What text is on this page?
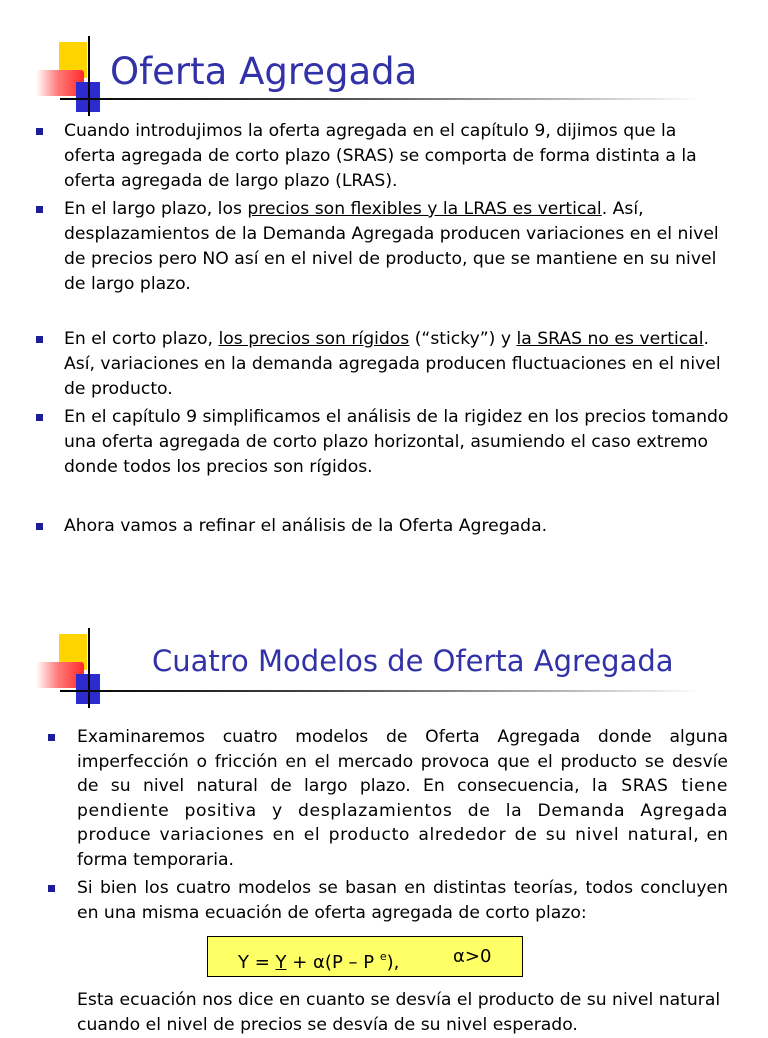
Oferta Agregada
Cuando introdujimos la oferta agregada en el capítulo 9, dijimos que la oferta agregada de corto plazo (SRAS) se comporta de forma distinta a la oferta agregada de largo plazo (LRAS).
En el largo plazo, los precios son flexibles y la LRAS es vertical. Así, desplazamientos de la Demanda Agregada producen variaciones en el nivel de precios pero NO así en el nivel de producto, que se mantiene en su nivel de largo plazo.
En el corto plazo, los precios son rígidos (“sticky”) y la SRAS no es vertical. Así, variaciones en la demanda agregada producen fluctuaciones en el nivel de producto.
En el capítulo 9 simplificamos el análisis de la rigidez en los precios tomando una oferta agregada de corto plazo horizontal, asumiendo el caso extremo donde todos los precios son rígidos.
Ahora vamos a refinar el análisis de la Oferta Agregada.
Cuatro Modelos de Oferta Agregada
Examinaremos cuatro modelos de Oferta Agregada donde alguna imperfección o fricción en el mercado provoca que el producto se desvíe de su nivel natural de largo plazo. En consecuencia, la SRAS tiene pendiente positiva y desplazamientos de la Demanda Agregada produce variaciones en el producto alrededor de su nivel natural, en forma temporaria.
Si bien los cuatro modelos se basan en distintas teorías, todos concluyen en una misma ecuación de oferta agregada de corto plazo:
Y = Y + α(P – P $^e$),	α>0
Esta ecuación nos dice en cuanto se desvía el producto de su nivel natural cuando el nivel de precios se desvía de su nivel esperado.
